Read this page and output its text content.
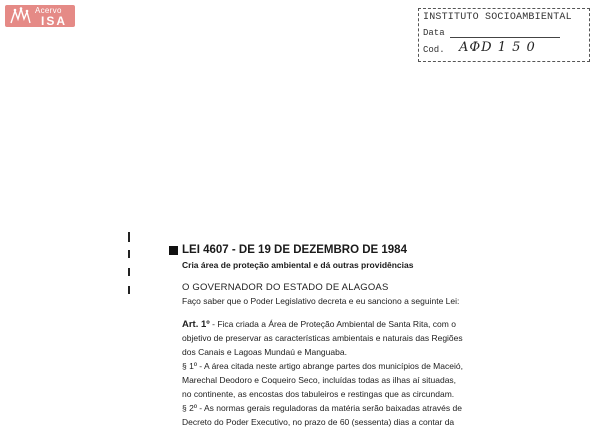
Acervo
ISA	INSTITUTO SOCIOAMBIENTAL
Data
Cod. AФD 1 5 0
LEI 4607 - DE 19 DE DEZEMBRO DE 1984
Cria área de proteção ambiental e dá outras providências
O GOVERNADOR DO ESTADO DE ALAGOAS
Faço saber que o Poder Legislativo decreta e eu sanciono a seguinte Lei:
Art. 1º - Fica criada a Área de Proteção Ambiental de Santa Rita, com o
objetivo de preservar as características ambientais e naturais das Regiões
dos Canais e Lagoas Mundaú e Manguaba.
§ 1º - A área citada neste artigo abrange partes dos municípios de Maceió,
Marechal Deodoro e Coqueiro Seco, incluídas todas as ilhas aí situadas,
no continente, as encostas dos tabuleiros e restingas que as circundam.
§ 2º - As normas gerais reguladoras da matéria serão baixadas através de
Decreto do Poder Executivo, no prazo de 60 (sessenta) dias a contar da
